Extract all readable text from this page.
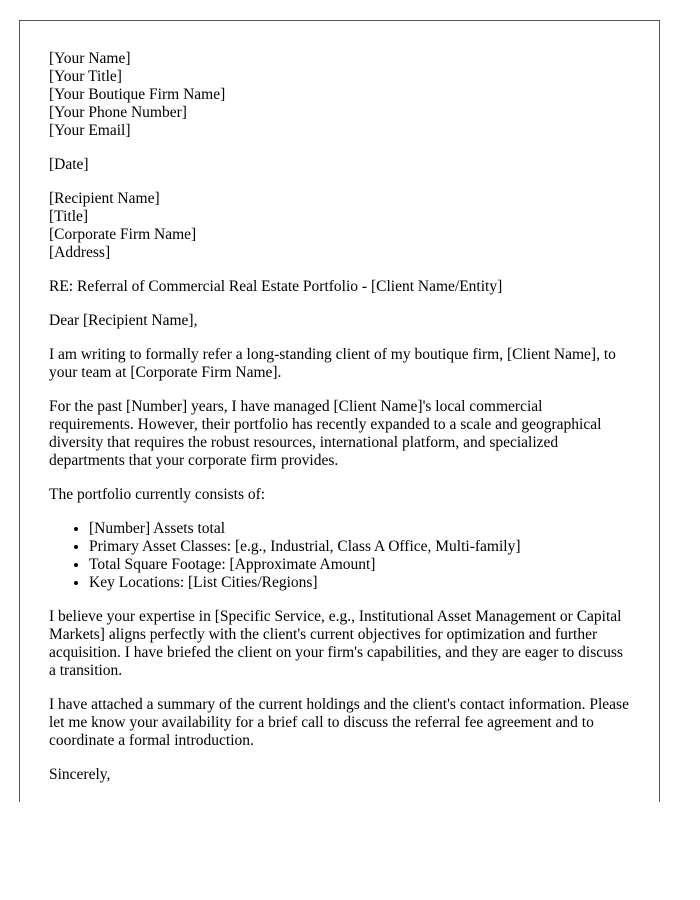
[Your Name]
[Your Title]
[Your Boutique Firm Name]
[Your Phone Number]
[Your Email]
[Date]
[Recipient Name]
[Title]
[Corporate Firm Name]
[Address]

RE: Referral of Commercial Real Estate Portfolio - [Client Name/Entity]

Dear [Recipient Name],

I am writing to formally refer a long-standing client of my boutique firm, [Client Name], to your team at [Corporate Firm Name].

For the past [Number] years, I have managed [Client Name]'s local commercial requirements. However, their portfolio has recently expanded to a scale and geographical diversity that requires the robust resources, international platform, and specialized departments that your corporate firm provides.

The portfolio currently consists of:

• [Number] Assets total
• Primary Asset Classes: [e.g., Industrial, Class A Office, Multi-family]
• Total Square Footage: [Approximate Amount]
• Key Locations: [List Cities/Regions]

I believe your expertise in [Specific Service, e.g., Institutional Asset Management or Capital Markets] aligns perfectly with the client's current objectives for optimization and further acquisition. I have briefed the client on your firm's capabilities, and they are eager to discuss a transition.

I have attached a summary of the current holdings and the client's contact information. Please let me know your availability for a brief call to discuss the referral fee agreement and to coordinate a formal introduction.

Sincerely,
